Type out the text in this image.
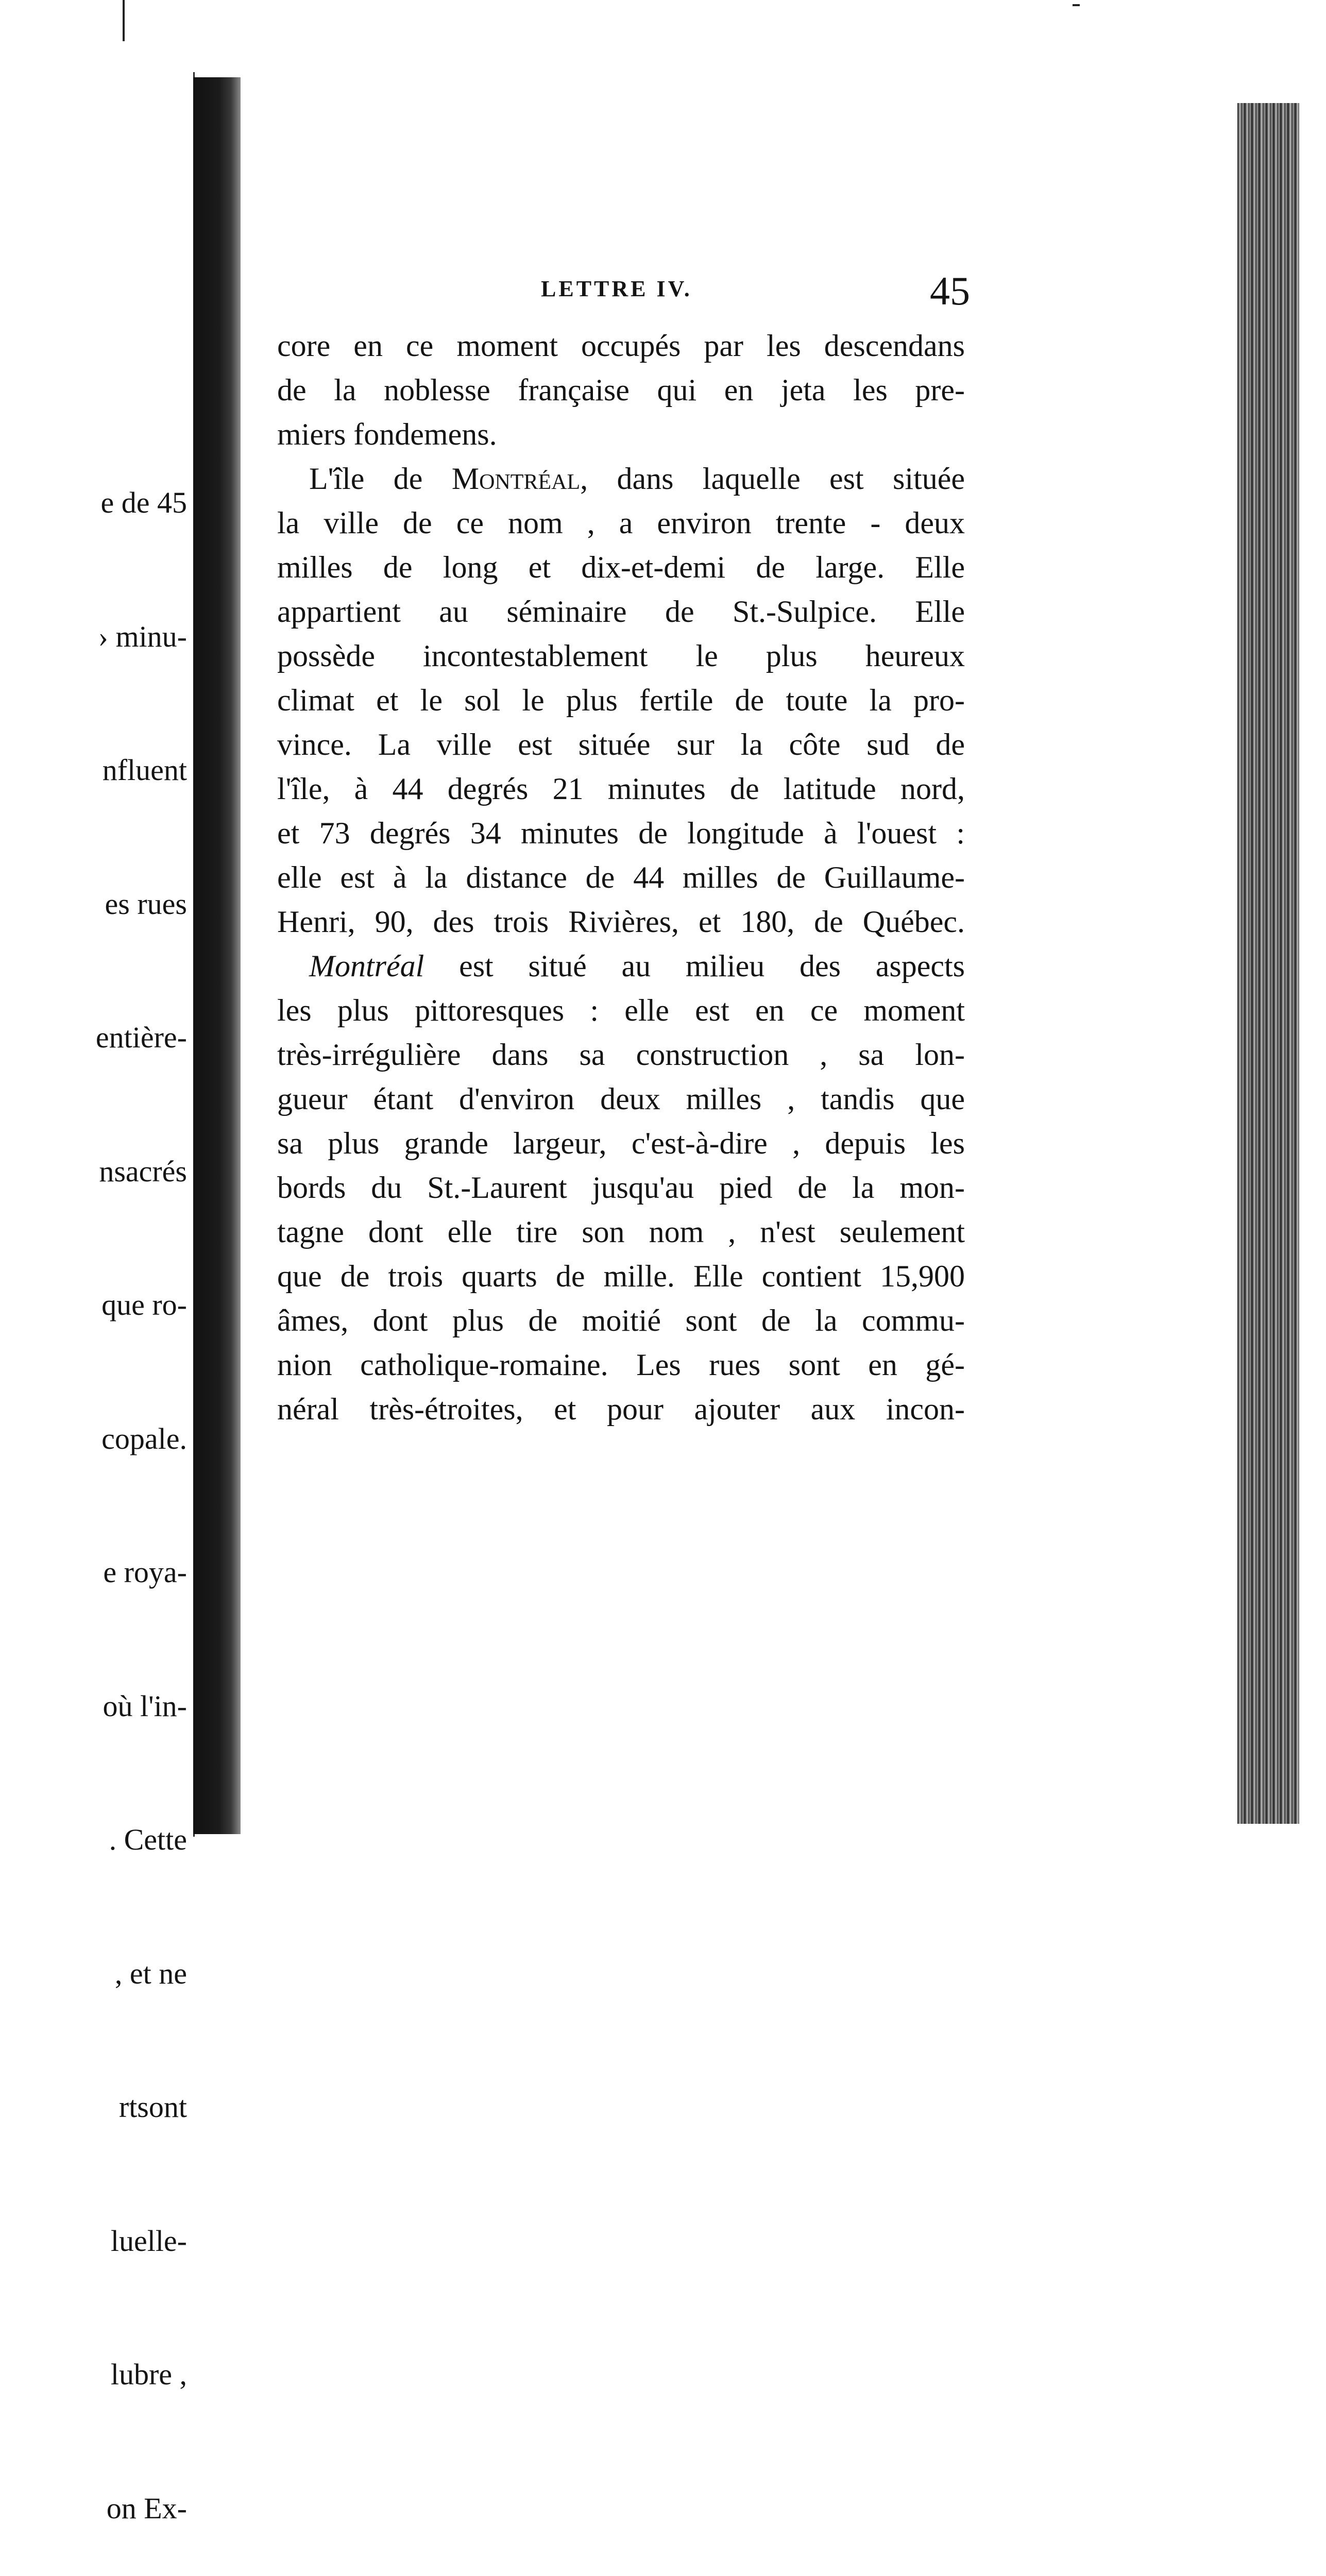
e de 45

› minu-

nfluent

es rues

entière-

nsacrés

que ro-

copale.

e roya-

où l'in-

. Cette

, et ne

rtsont

luelle-

lubre ,

on Ex-

LETTRE IV.	45
core en ce moment occupés par les descendans
de la noblesse française qui en jeta les pre-
miers fondemens.
L'île de Montréal, dans laquelle est située
la ville de ce nom , a environ trente - deux
milles de long et dix-et-demi de large. Elle
appartient au séminaire de St.-Sulpice. Elle
possède incontestablement le plus heureux
climat et le sol le plus fertile de toute la pro-
vince. La ville est située sur la côte sud de
l'île, à 44 degrés 21 minutes de latitude nord,
et 73 degrés 34 minutes de longitude à l'ouest :
elle est à la distance de 44 milles de Guillaume-
Henri, 90, des trois Rivières, et 180, de Québec.
Montréal est situé au milieu des aspects
les plus pittoresques : elle est en ce moment
très-irrégulière dans sa construction , sa lon-
gueur étant d'environ deux milles , tandis que
sa plus grande largeur, c'est-à-dire , depuis les
bords du St.-Laurent jusqu'au pied de la mon-
tagne dont elle tire son nom , n'est seulement
que de trois quarts de mille. Elle contient 15,900
âmes, dont plus de moitié sont de la commu-
nion catholique-romaine. Les rues sont en gé-
néral très-étroites, et pour ajouter aux incon-
